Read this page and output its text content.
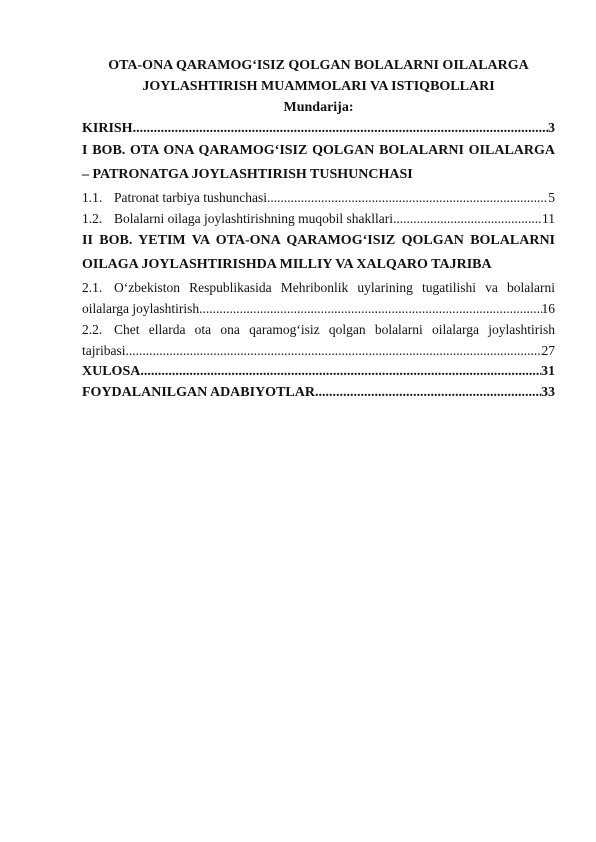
OTA-ONA QARAMOG‘ISIZ QOLGAN BOLALARNI OILALARGA

JOYLASHTIRISH MUAMMOLARI VA ISTIQBOLLARI

Mundarija:

KIRISH .....	3
I BOB. OTA ONA QARAMOG‘ISIZ QOLGAN BOLALARNI OILALARGA
– PATRONATGA JOYLASHTIRISH TUSHUNCHASI
1.1. Patronat tarbiya tushunchasi .....	5
1.2. Bolalarni oilaga joylashtirishning muqobil shakllari .....	11
II BOB. YETIM VA OTA-ONA QARAMOG‘ISIZ QOLGAN BOLALARNI
OILAGA JOYLASHTIRISHDA MILLIY VA XALQARO TAJRIBA
2.1. O‘zbekiston Respublikasida Mehribonlik uylarining tugatilishi va bolalarni
oilalarga joylashtirish .....	16
2.2. Chet ellarda ota ona qaramog‘isiz qolgan bolalarni oilalarga joylashtirish
tajribasi .....	27
XULOSA .....	31
FOYDALANILGAN ADABIYOTLAR .....	33
